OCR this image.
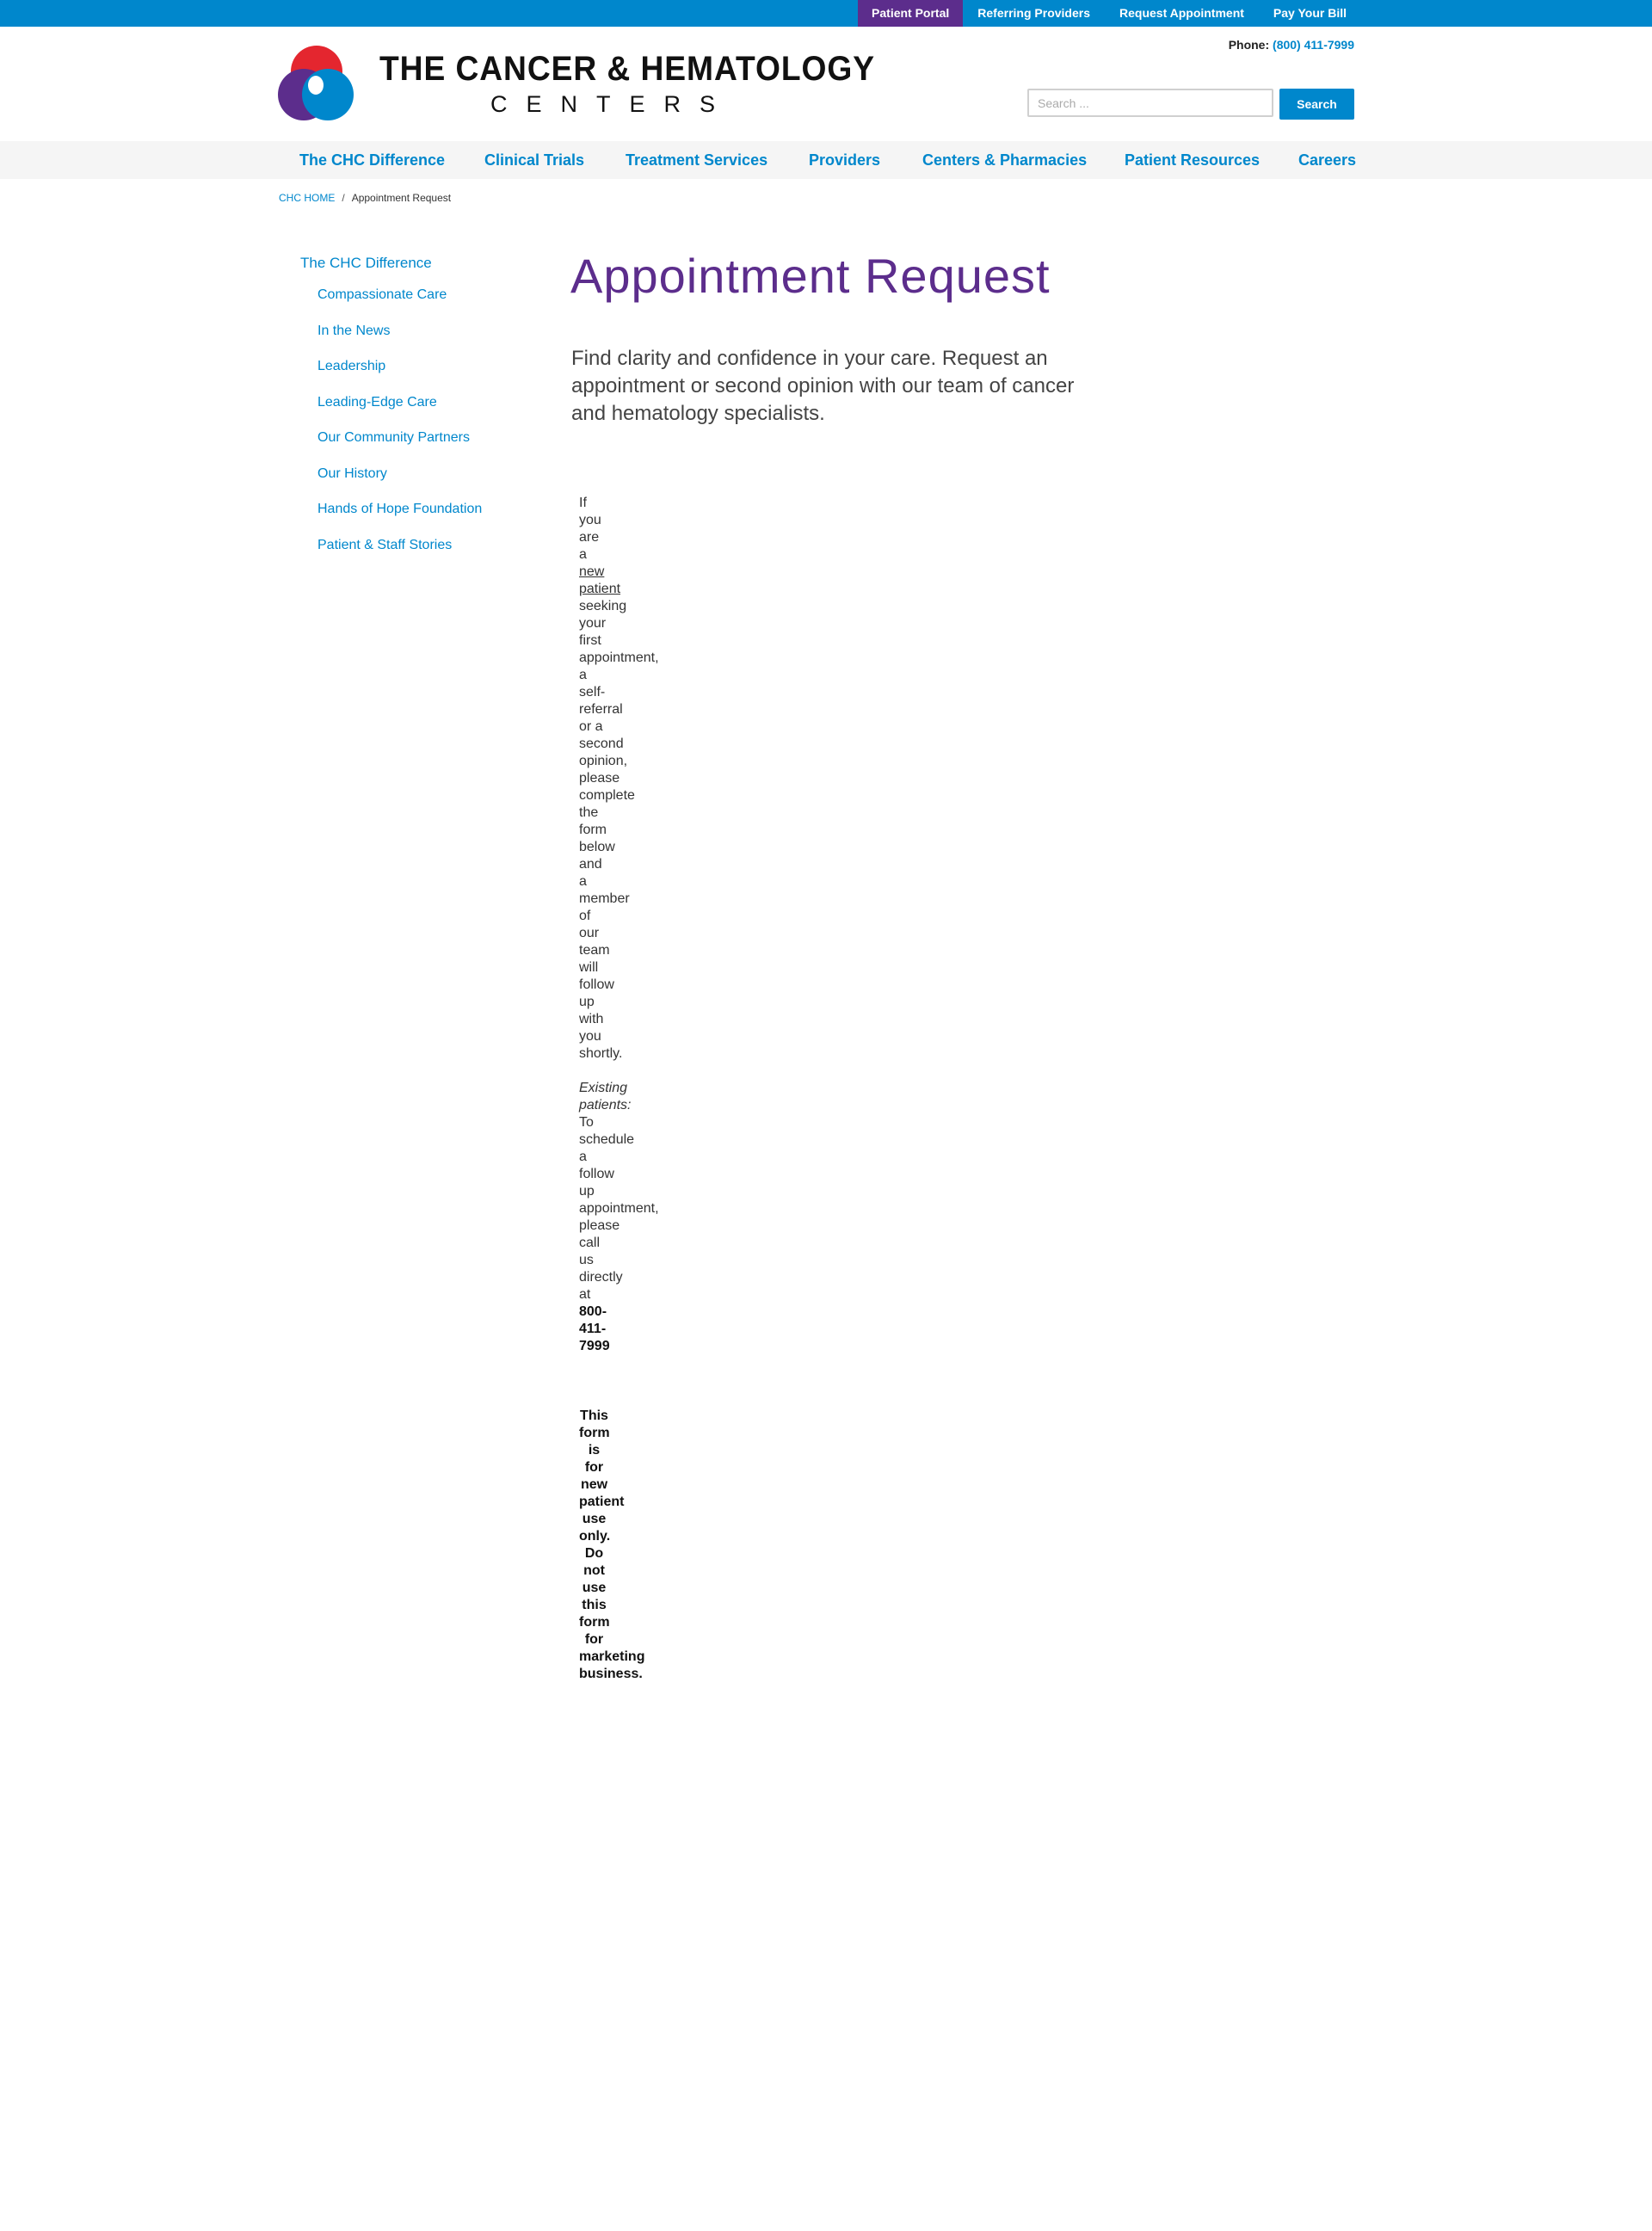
Patient Portal	Referring Providers	Request Appointment	Pay Your Bill
THE CANCER & HEMATOLOGY
CENTERS
Phone: (800) 411-7999
Search ...
Search
The CHC Difference	Clinical Trials	Treatment Services	Providers	Centers & Pharmacies Patient Resources Careers
CHC HOME / Appointment Request
The CHC Difference
Compassionate Care
In the News
Leadership
Leading-Edge Care
Our Community Partners
Our History
Hands of Hope Foundation
Patient & Staff Stories
Appointment Request

Find clarity and confidence in your care. Request an appointment or second opinion with our team of cancer and hematology specialists.

If you are a new patient seeking your first appointment, a self-referral or a second opinion, please complete the form below and a member of our team will follow up with you shortly.

Existing patients: To schedule a follow up appointment, please call us directly at 800-411-7999

This form is for new patient use only. Do not use this form for marketing business.
